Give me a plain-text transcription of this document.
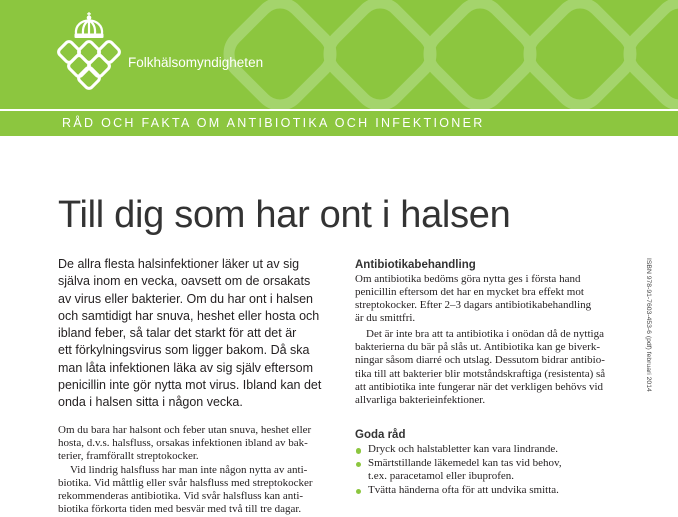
Folkhälsomyndigheten
RÅD OCH FAKTA OM ANTIBIOTIKA OCH INFEKTIONER
Till dig som har ont i halsen
De allra flesta halsinfektioner läker ut av sig
själva inom en vecka, oavsett om de orsakats
av virus eller bakterier. Om du har ont i halsen
och samtidigt har snuva, heshet eller hosta och
ibland feber, så talar det starkt för att det är
ett förkylningsvirus som ligger bakom. Då ska
man låta infektionen läka av sig själv eftersom
penicillin inte gör nytta mot virus. Ibland kan det
onda i halsen sitta i någon vecka.
Om du bara har halsont och feber utan snuva, heshet eller
hosta, d.v.s. halsfluss, orsakas infektionen ibland av bak-
terier, framförallt streptokocker.
Vid lindrig halsfluss har man inte någon nytta av anti-
biotika. Vid måttlig eller svår halsfluss med streptokocker
rekommenderas antibiotika. Vid svår halsfluss kan anti-
biotika förkorta tiden med besvär med två till tre dagar.
Antibiotikabehandling
Om antibiotika bedöms göra nytta ges i första hand
penicillin eftersom det har en mycket bra effekt mot
streptokocker. Efter 2–3 dagars antibiotikabehandling
är du smittfri.
Det är inte bra att ta antibiotika i onödan då de nyttiga
bakterierna du bär på slås ut. Antibiotika kan ge biverk-
ningar såsom diarré och utslag. Dessutom bidrar antibio-
tika till att bakterier blir motståndskraftiga (resistenta) så
att antibiotika inte fungerar när det verkligen behövs vid
allvarliga bakterieinfektioner.
Goda råd
Dryck och halstabletter kan vara lindrande.
Smärtstillande läkemedel kan tas vid behov,
t.ex. paracetamol eller ibuprofen.
Tvätta händerna ofta för att undvika smitta.
ISBN 978-91-7603-453-6 (pdf) februari 2014
